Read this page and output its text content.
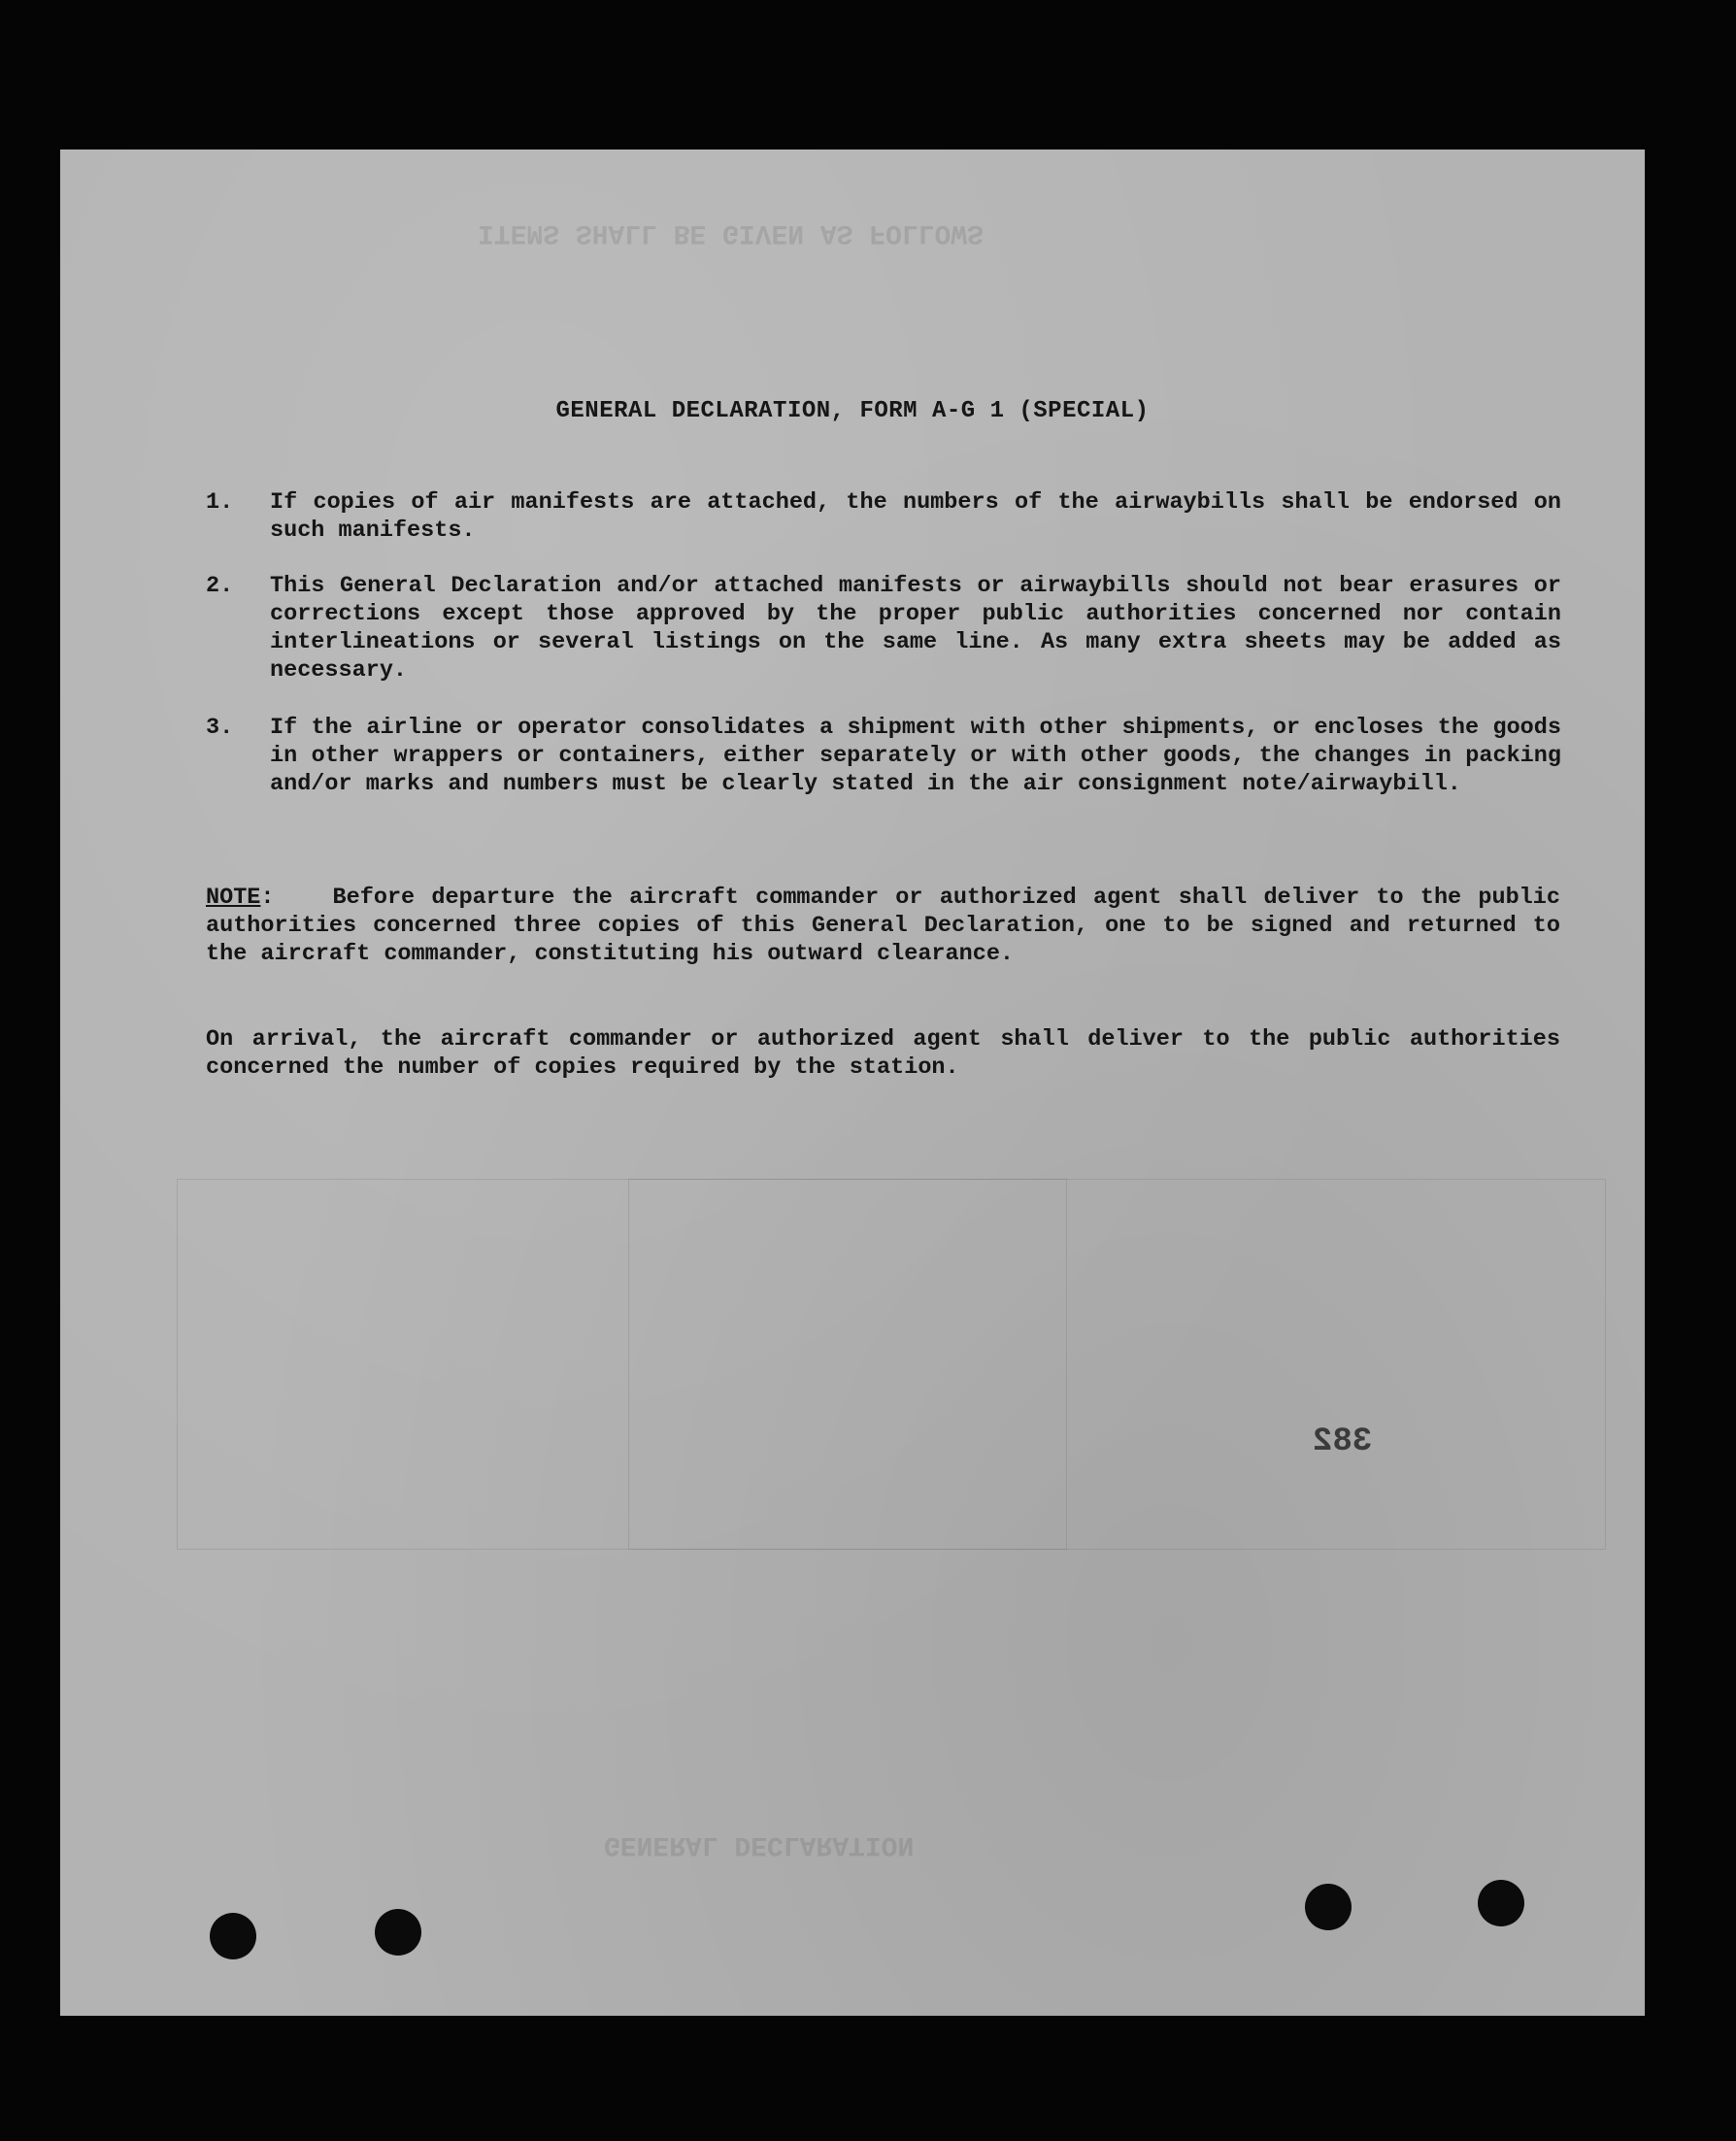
ITEMS SHALL BE GIVEN AS FOLLOWS
GENERAL DECLARATION
GENERAL DECLARATION, FORM A-G 1 (SPECIAL)
1. If copies of air manifests are attached, the numbers of the airwaybills shall be endorsed on such manifests.
2. This General Declaration and/or attached manifests or airwaybills should not bear erasures or corrections except those approved by the proper public authorities concerned nor contain interlineations or several listings on the same line. As many extra sheets may be added as necessary.
3. If the airline or operator consolidates a shipment with other shipments, or encloses the goods in other wrappers or containers, either separately or with other goods, the changes in packing and/or marks and numbers must be clearly stated in the air consignment note/airwaybill.
NOTE:	Before departure the aircraft commander or authorized agent shall deliver to the public authorities concerned three copies of this General Declaration, one to be signed and returned to the aircraft commander, constituting his outward clearance.
On arrival, the aircraft commander or authorized agent shall deliver to the public authorities concerned the number of copies required by the station.
382
